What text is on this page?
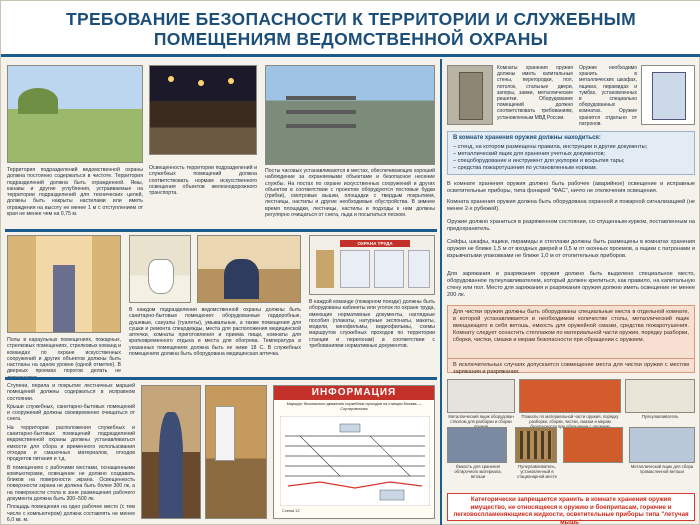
ТРЕБОВАНИЕ БЕЗОПАСНОСТИ К ТЕРРИТОРИИ И СЛУЖЕБНЫМ
ПОМЕЩЕНИЯМ ВЕДОМСТВЕННОЙ ОХРАНЫ
Территория подразделений ведомственной охраны должна постоянно содержаться в чистоте. Территория подразделений должна быть огражденной. Ямы, канавы и другие углубления, устраиваемые на территории подразделений для технических целей, должны быть накрыты настилами или иметь ограждения на высоту не менее 1 м с отступлением от края не менее чем на 0,75 м.
Освещенность территории подразделений и служебных помещений должна соответствовать нормам искусственного освещения объектов железнодорожного транспорта.
Посты часовых устанавливаются в местах, обеспечивающих хороший наблюдение за охраняемыми объектами и безопасное несение службы. На постах по охране искусственных сооружений и других объектов в соответствии с проектом оборудуются постовые будки (грибки), смотровые вышки, площадки с твердым покрытием, лестницы, настилы и другие необходимые обустройства. В зимнее время площадки, лестницы, настилы и подходы к ним должны регулярно очищаться от снега, льда и посыпаться песком.
Полы в караульных помещениях, пожарных, стрелковых помещениях, стрелковых команд и командах по охране искусственных сооружений и других объектов должны быть настланы на одном уровне (одной отметке). В дверных проемах порогов делать не
В каждом подразделении ведомственной охраны должны быть санитарно-бытовые помещения: оборудованные гардеробные, душевые, санузлы (туалеты), умывальные, а также помещения для сушки и ремонта спецодежды, места для расположения медицинской аптечки, комнаты приготовления и приема пищи, комнаты для кратковременного отдыха и места для обогрева. Температура в указанных помещениях должна быть не ниже 18 С. В служебных помещениях должна быть оборудована медицинская аптечка.
ОХРАНА ТРУДА
В каждой команде (пожарном поезде) должны быть оборудованы кабинеты или уголок по охране труда, имеющие нормативные документы, наглядные пособия (плакаты, натурные экспонаты, макеты, модели, кинофильмы, видеофильмы, схемы маршрутов служебных проходов по территории станции и перегонам) в соответствии с требованиями нормативных документов.
Ступени, перила и покрытие лестничных маршей помещений должны содержаться в исправном состоянии.
Крыши служебных, санитарно-бытовых помещений и сооружений должны своевременно очищаться от снега.
На территории расположения служебных и санитарно-бытовых помещений подразделений ведомственной охраны должны устанавливаться емкости для сбора и временного использования отходов и смазочных материалов, отходов продуктов питания и т.д.
В помещениях с рабочими местами, оснащенными компьютерами, освещение не должно создавать бликов на поверхности экрана. Освещенность поверхности экрана не должна быть более 300 лк, а на поверхности стола в зоне размещения рабочего документа должна быть 300–500 лк.
Площадь помещения на одно рабочее место (с тем числе с компьютером) должна составлять не менее 6,0 кв. м.
ИНФОРМАЦИЯ
Маршрут безопасного движения служебных проходов на станции Москва — Сортировочная
Схема 12
Комнаты хранения оружия должны иметь капитальные стены, перегородки, пол, потолок, стальные двери, запоры, замки, металлические решетки. Оборудование помещений должно соответствовать требованиям, установленным МВД России.
Оружие необходимо хранить в металлических шкафах, ящиках, пирамидах и тумбах, установленных в специально оборудованных комнатах. Оружие хранится отдельно от патронов.
В комнате хранения оружия должны находиться:
– стенд, на котором размещены правила, инструкции и другие документы;
– металлический ящик для хранения учетных документов;
– спецоборудование и инструмент для укупорки и вскрытия тары;
– средства пожаротушения по установленным нормам.
В комнате хранения оружия должно быть рабочее (аварийное) освещение и исправные осветительные приборы, типа фонарей "ФАС", ничто не отключения освещения.
Комната хранения оружия должна быть оборудована охранной и пожарной сигнализацией (не менее 2-х рубежей).
Оружие должно храниться в разряженном состоянии, со спущенным курком, поставленным на предохранитель.
Сейфы, шкафы, ящики, пирамиды и стеллажи должны быть размещены в комнатах хранения оружия не ближе 1,5 м от входных дверей и 0,5 м от оконных проемов, а ящики с патронами и взрывчатыми упаковками не ближе 1,0 м от отопительных приборов.
Для заряжания и разряжания оружия должно быть выделено специальное место, оборудованное пулеулавливателем, который должен крепиться, как правило, на капитальную стену или пол. Место для заряжания и разряжания оружия должно иметь освещение не менее 200 лк.
Для чистки оружия должны быть оборудованы специальные места в отдельной комнате, в которой устанавливается в необходимом количестве столы, металлический ящик вмещающего в себя ветошь, емкость для оружейной смазки, средства пожаротушения. Комнату следует оснастить стеллажом по материальной части оружия, порядку разборки, сборки, чистки, смазки и мерам безопасности при обращении с оружием.
В исключительных случаях допускается совмещение места для чистки оружия с местом заряжания и разряжания.
Металлический ящик оборудован стволом для разборки и сборки
Плакаты по материальной части оружия, порядку разборки, сборки, чистки, смазки и мерам при
Пулеулавливатель
Ёмкость для хранения обтирочного материала, ветоши
Пулеулавливатель, установленный в стационарной месте
Металлический ящик для сбора промасленной ветоши
Категорически запрещается хранить в комнате хранения оружия имущество, не относящееся к оружию и боеприпасам, горючие и легковоспламеняющиеся жидкости, осветительные приборы типа "летучая мышь"
